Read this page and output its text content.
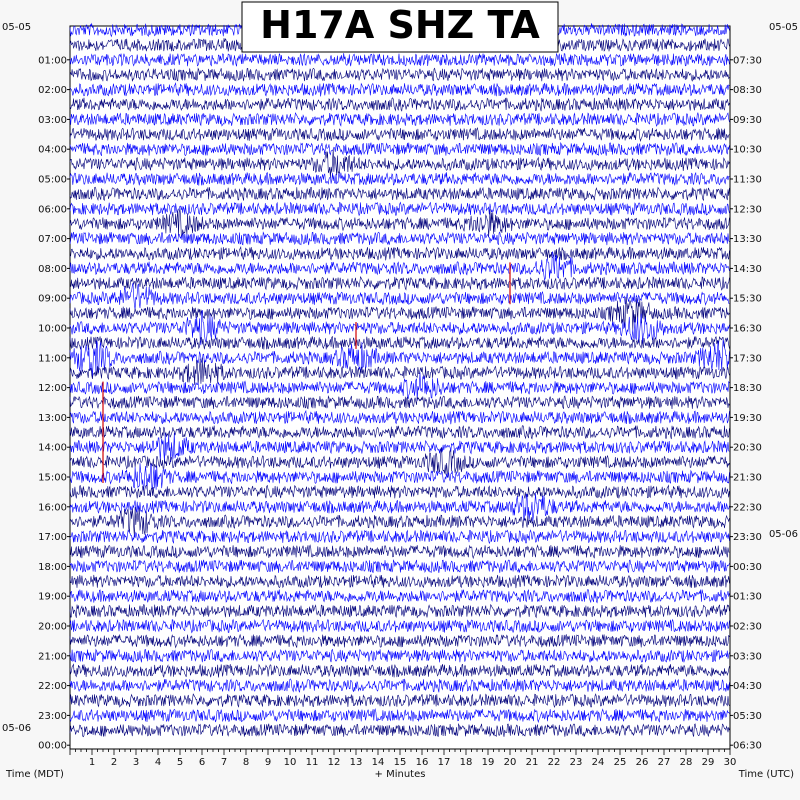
1 2 3 4 5 6 7 8 9 10 11 12 13 14 15 16 17 18 19 20 21 22 23 24 25 26 27 28 29 30
01:00
02:00
03:00
04:00
05:00
06:00
07:00
08:00
09:00
10:00
11:00
12:00
13:00
14:00
15:00
16:00
17:00
18:00
19:00
20:00
21:00
22:00
23:00
00:00
07:30
08:30
09:30
10:30
11:30
12:30
13:30
14:30
15:30
16:30
17:30
18:30
19:30
20:30
21:30
22:30
23:30
00:30
01:30
02:30
03:30
04:30
05:30
06:30
H17A SHZ TA
05-05
05-06
05-05
05-06
Time (MDT)	+ Minutes	Time (UTC)
